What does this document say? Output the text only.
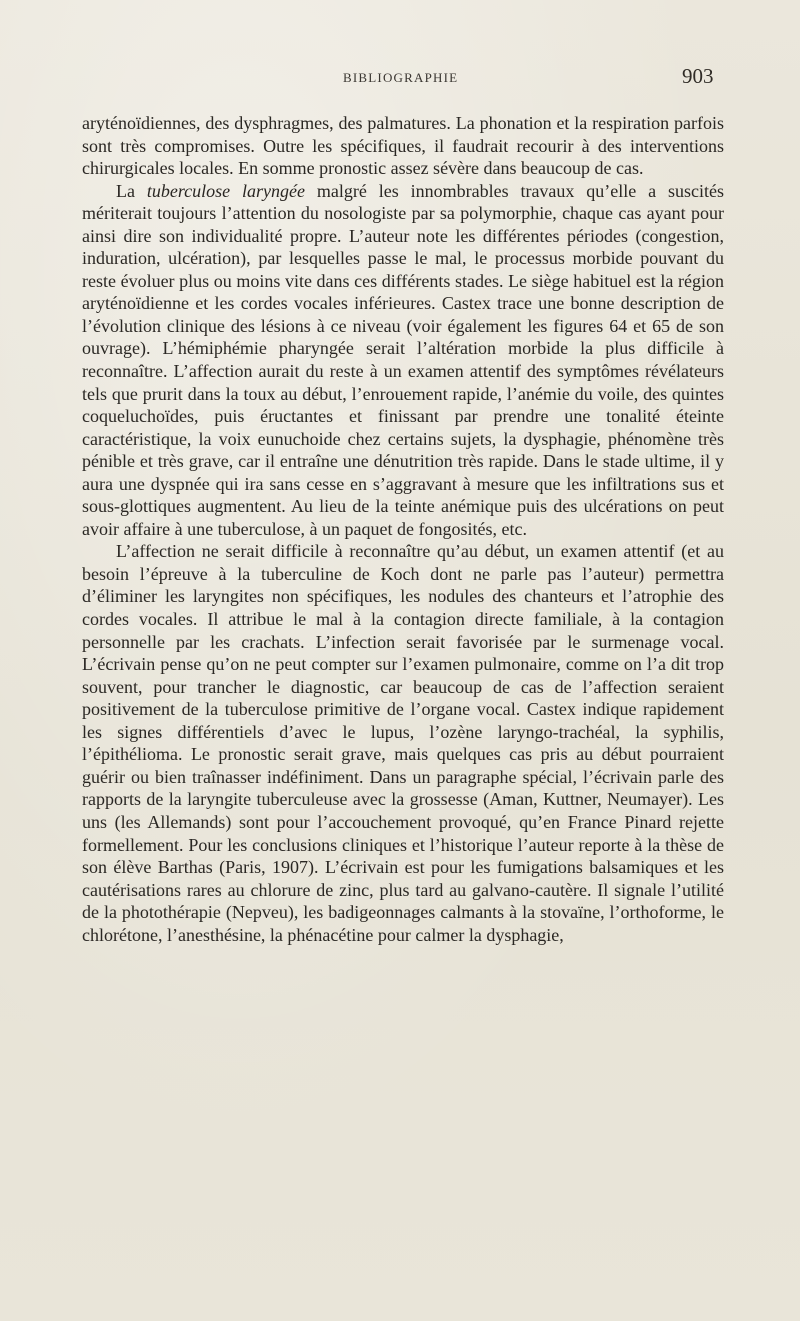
BIBLIOGRAPHIE	903

aryténoïdiennes, des dysphragmes, des palmatures. La phonation et la respiration parfois sont très compromises. Outre les spécifiques, il faudrait recourir à des interventions chirurgicales locales. En somme pronostic assez sévère dans beaucoup de cas.

La tuberculose laryngée malgré les innombrables travaux qu’elle a suscités mériterait toujours l’attention du nosologiste par sa polymorphie, chaque cas ayant pour ainsi dire son individualité propre. L’auteur note les différentes périodes (congestion, induration, ulcération), par lesquelles passe le mal, le processus morbide pouvant du reste évoluer plus ou moins vite dans ces différents stades. Le siège habituel est la région aryténoïdienne et les cordes vocales inférieures. Castex trace une bonne description de l’évolution clinique des lésions à ce niveau (voir également les figures 64 et 65 de son ouvrage). L’hémiphémie pharyngée serait l’altération morbide la plus difficile à reconnaître. L’affection aurait du reste à un examen attentif des symptômes révélateurs tels que prurit dans la toux au début, l’enrouement rapide, l’anémie du voile, des quintes coqueluchoïdes, puis éructantes et finissant par prendre une tonalité éteinte caractéristique, la voix eunuchoide chez certains sujets, la dysphagie, phénomène très pénible et très grave, car il entraîne une dénutrition très rapide. Dans le stade ultime, il y aura une dyspnée qui ira sans cesse en s’aggravant à mesure que les infiltrations sus et sous-glottiques augmentent. Au lieu de la teinte anémique puis des ulcérations on peut avoir affaire à une tuberculose, à un paquet de fongosités, etc.

L’affection ne serait difficile à reconnaître qu’au début, un examen attentif (et au besoin l’épreuve à la tuberculine de Koch dont ne parle pas l’auteur) permettra d’éliminer les laryngites non spécifiques, les nodules des chanteurs et l’atrophie des cordes vocales. Il attribue le mal à la contagion directe familiale, à la contagion personnelle par les crachats. L’infection serait favorisée par le surmenage vocal. L’écrivain pense qu’on ne peut compter sur l’examen pulmonaire, comme on l’a dit trop souvent, pour trancher le diagnostic, car beaucoup de cas de l’affection seraient positivement de la tuberculose primitive de l’organe vocal. Castex indique rapidement les signes différentiels d’avec le lupus, l’ozène laryngo-trachéal, la syphilis, l’épithélioma. Le pronostic serait grave, mais quelques cas pris au début pourraient guérir ou bien traînasser indéfiniment. Dans un paragraphe spécial, l’écrivain parle des rapports de la laryngite tuberculeuse avec la grossesse (Aman, Kuttner, Neumayer). Les uns (les Allemands) sont pour l’accouchement provoqué, qu’en France Pinard rejette formellement. Pour les conclusions cliniques et l’historique l’auteur reporte à la thèse de son élève Barthas (Paris, 1907). L’écrivain est pour les fumigations balsamiques et les cautérisations rares au chlorure de zinc, plus tard au galvano-cautère. Il signale l’utilité de la photothérapie (Nepveu), les badigeonnages calmants à la stovaïne, l’orthoforme, le chlorétone, l’anesthésine, la phénacétine pour calmer la dysphagie,
